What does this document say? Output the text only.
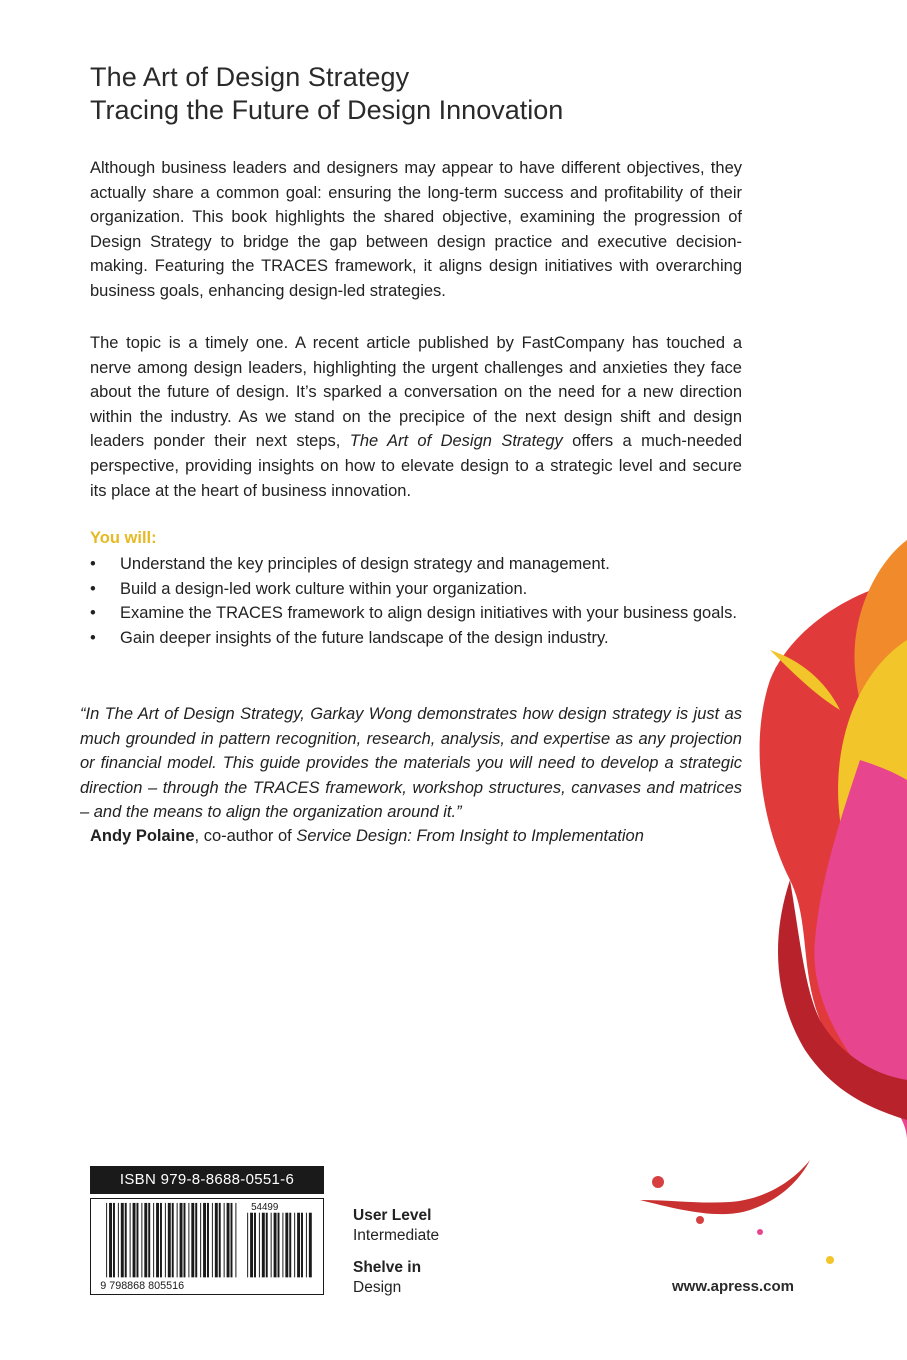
The Art of Design Strategy
Tracing the Future of Design Innovation

Although business leaders and designers may appear to have different objectives, they actually share a common goal: ensuring the long-term success and profitability of their organization. This book highlights the shared objective, examining the progression of Design Strategy to bridge the gap between design practice and executive decision-making. Featuring the TRACES framework, it aligns design initiatives with overarching business goals, enhancing design-led strategies.

The topic is a timely one. A recent article published by FastCompany has touched a nerve among design leaders, highlighting the urgent challenges and anxieties they face about the future of design. It’s sparked a conversation on the need for a new direction within the industry. As we stand on the precipice of the next design shift and design leaders ponder their next steps, The Art of Design Strategy offers a much-needed perspective, providing insights on how to elevate design to a strategic level and secure its place at the heart of business innovation.

You will:
• Understand the key principles of design strategy and management.
• Build a design-led work culture within your organization.
• Examine the TRACES framework to align design initiatives with your business goals.
• Gain deeper insights of the future landscape of the design industry.

“In The Art of Design Strategy, Garkay Wong demonstrates how design strategy is just as much grounded in pattern recognition, research, analysis, and expertise as any projection or financial model. This guide provides the materials you will need to develop a strategic direction – through the TRACES framework, workshop structures, canvases and matrices – and the means to align the organization around it.”

Andy Polaine, co-author of Service Design: From Insight to Implementation
ISBN 979-8-8688-0551-6
9 798868 805516
54499	User Level
Intermediate
Shelve in
Design	www.apress.com
